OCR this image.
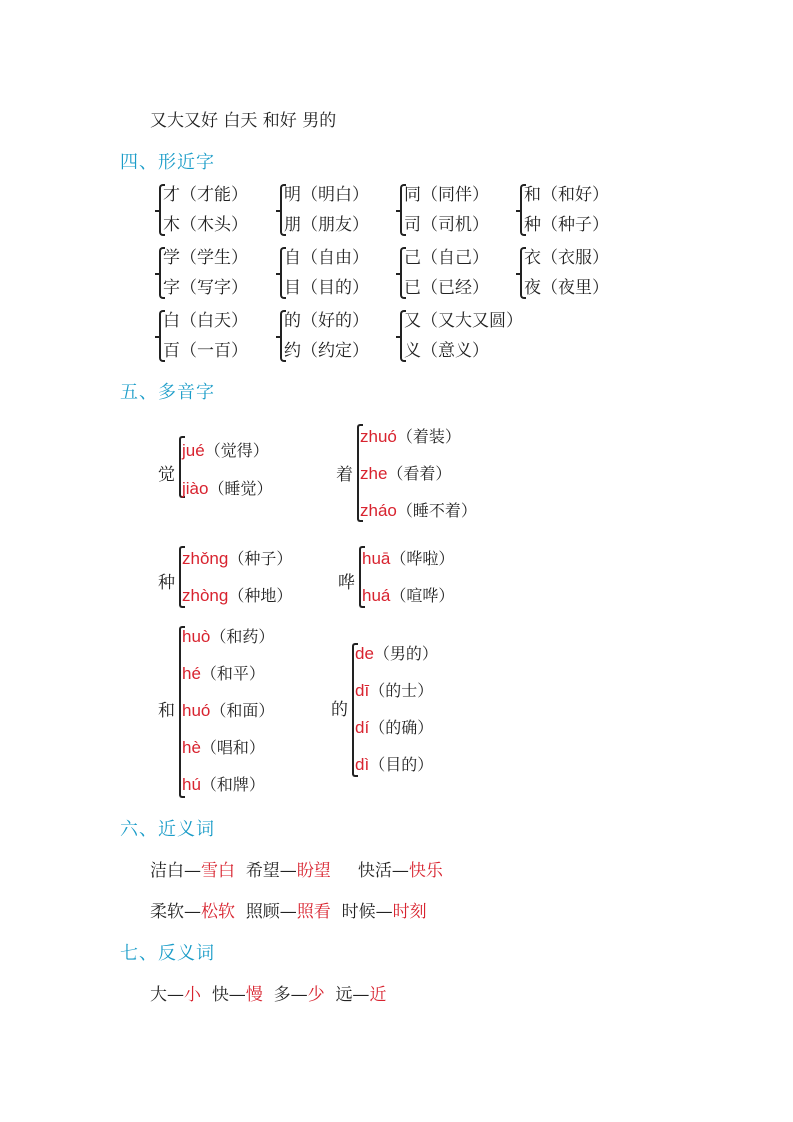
又大又好 白天 和好 男的
四、形近字
才（才能）
木（木头）
明（明白）
朋（朋友）
同（同伴）
司（司机）
和（和好）
种（种子）
学（学生）
字（写字）
自（自由）
目（目的）
己（自己）
已（已经）
衣（衣服）
夜（夜里）
白（白天）
百（一百）
的（好的）
约（约定）
又（又大又圆）
义（意义）
五、多音字
觉
jué（觉得）
jiào（睡觉）
着
zhuó（着装）
zhe（看着）
zháo（睡不着）
种
zhǒng（种子）
zhòng（种地）
哗
huā（哗啦）
huá（喧哗）
和
huò（和药）
hé（和平）
huó（和面）
hè（唱和）
hú（和牌）
的
de（男的）
dī（的士）
dí（的确）
dì（目的）
六、近义词
洁白—雪白 希望—盼望 快活—快乐
柔软—松软 照顾—照看 时候—时刻
七、反义词
大—小 快—慢 多—少 远—近
